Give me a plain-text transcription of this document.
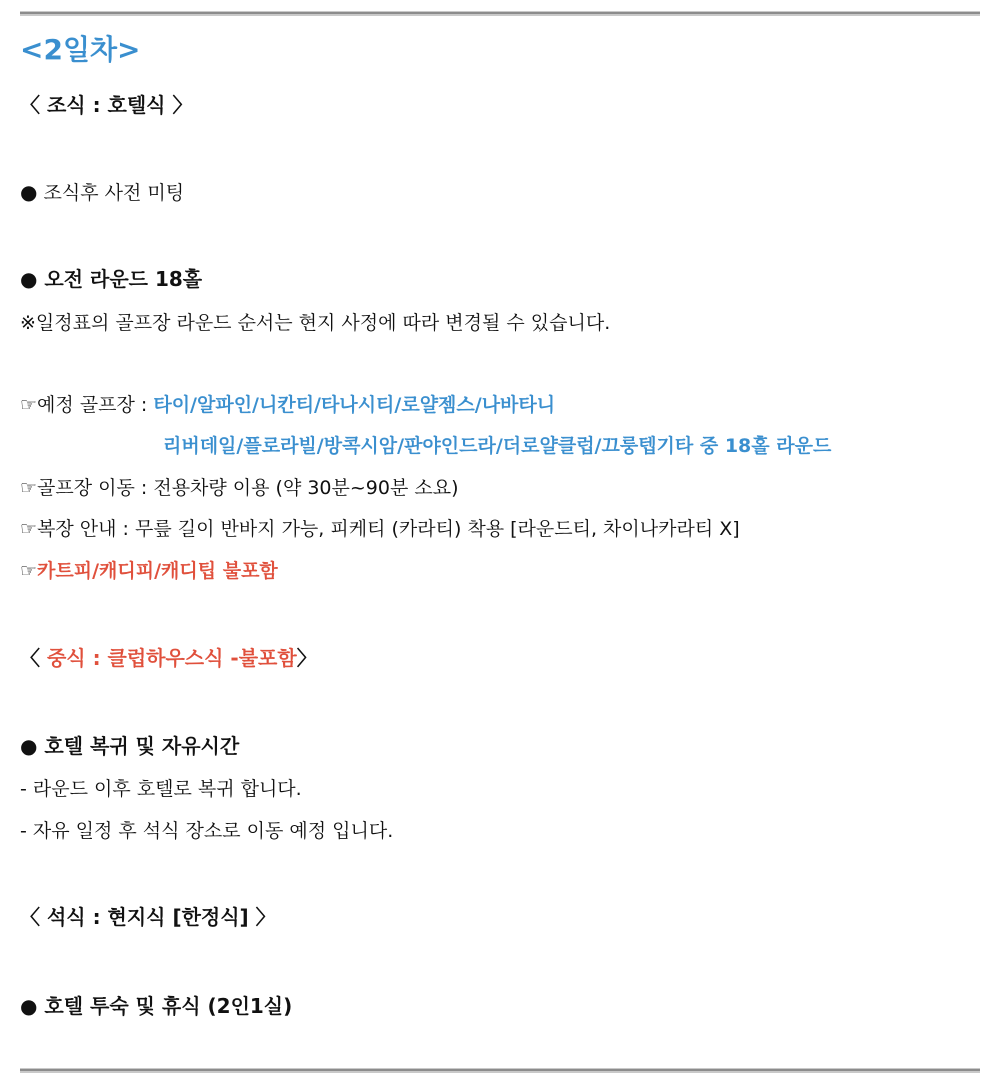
<2일차>
〈 조식 : 호텔식 〉
● 조식후 사전 미팅
● 오전 라운드 18홀
※일정표의 골프장 라운드 순서는 현지 사정에 따라 변경될 수 있습니다.
☞예정 골프장 : 타이/알파인/니칸티/타나시티/로얄젬스/나바타니
리버데일/플로라빌/방콕시암/판야인드라/더로얄클럽/끄룽텝기타 중 18홀 라운드
☞골프장 이동 : 전용차량 이용 (약 30분~90분 소요)
☞복장 안내 : 무릎 길이 반바지 가능, 피케티 (카라티) 착용 [라운드티, 차이나카라티 X]
☞카트피/캐디피/캐디팁 불포함
〈 중식 : 클럽하우스식 -불포함〉
● 호텔 복귀 및 자유시간
- 라운드 이후 호텔로 복귀 합니다.
- 자유 일정 후 석식 장소로 이동 예정 입니다.
〈 석식 : 현지식 [한정식] 〉
● 호텔 투숙 및 휴식 (2인1실)
